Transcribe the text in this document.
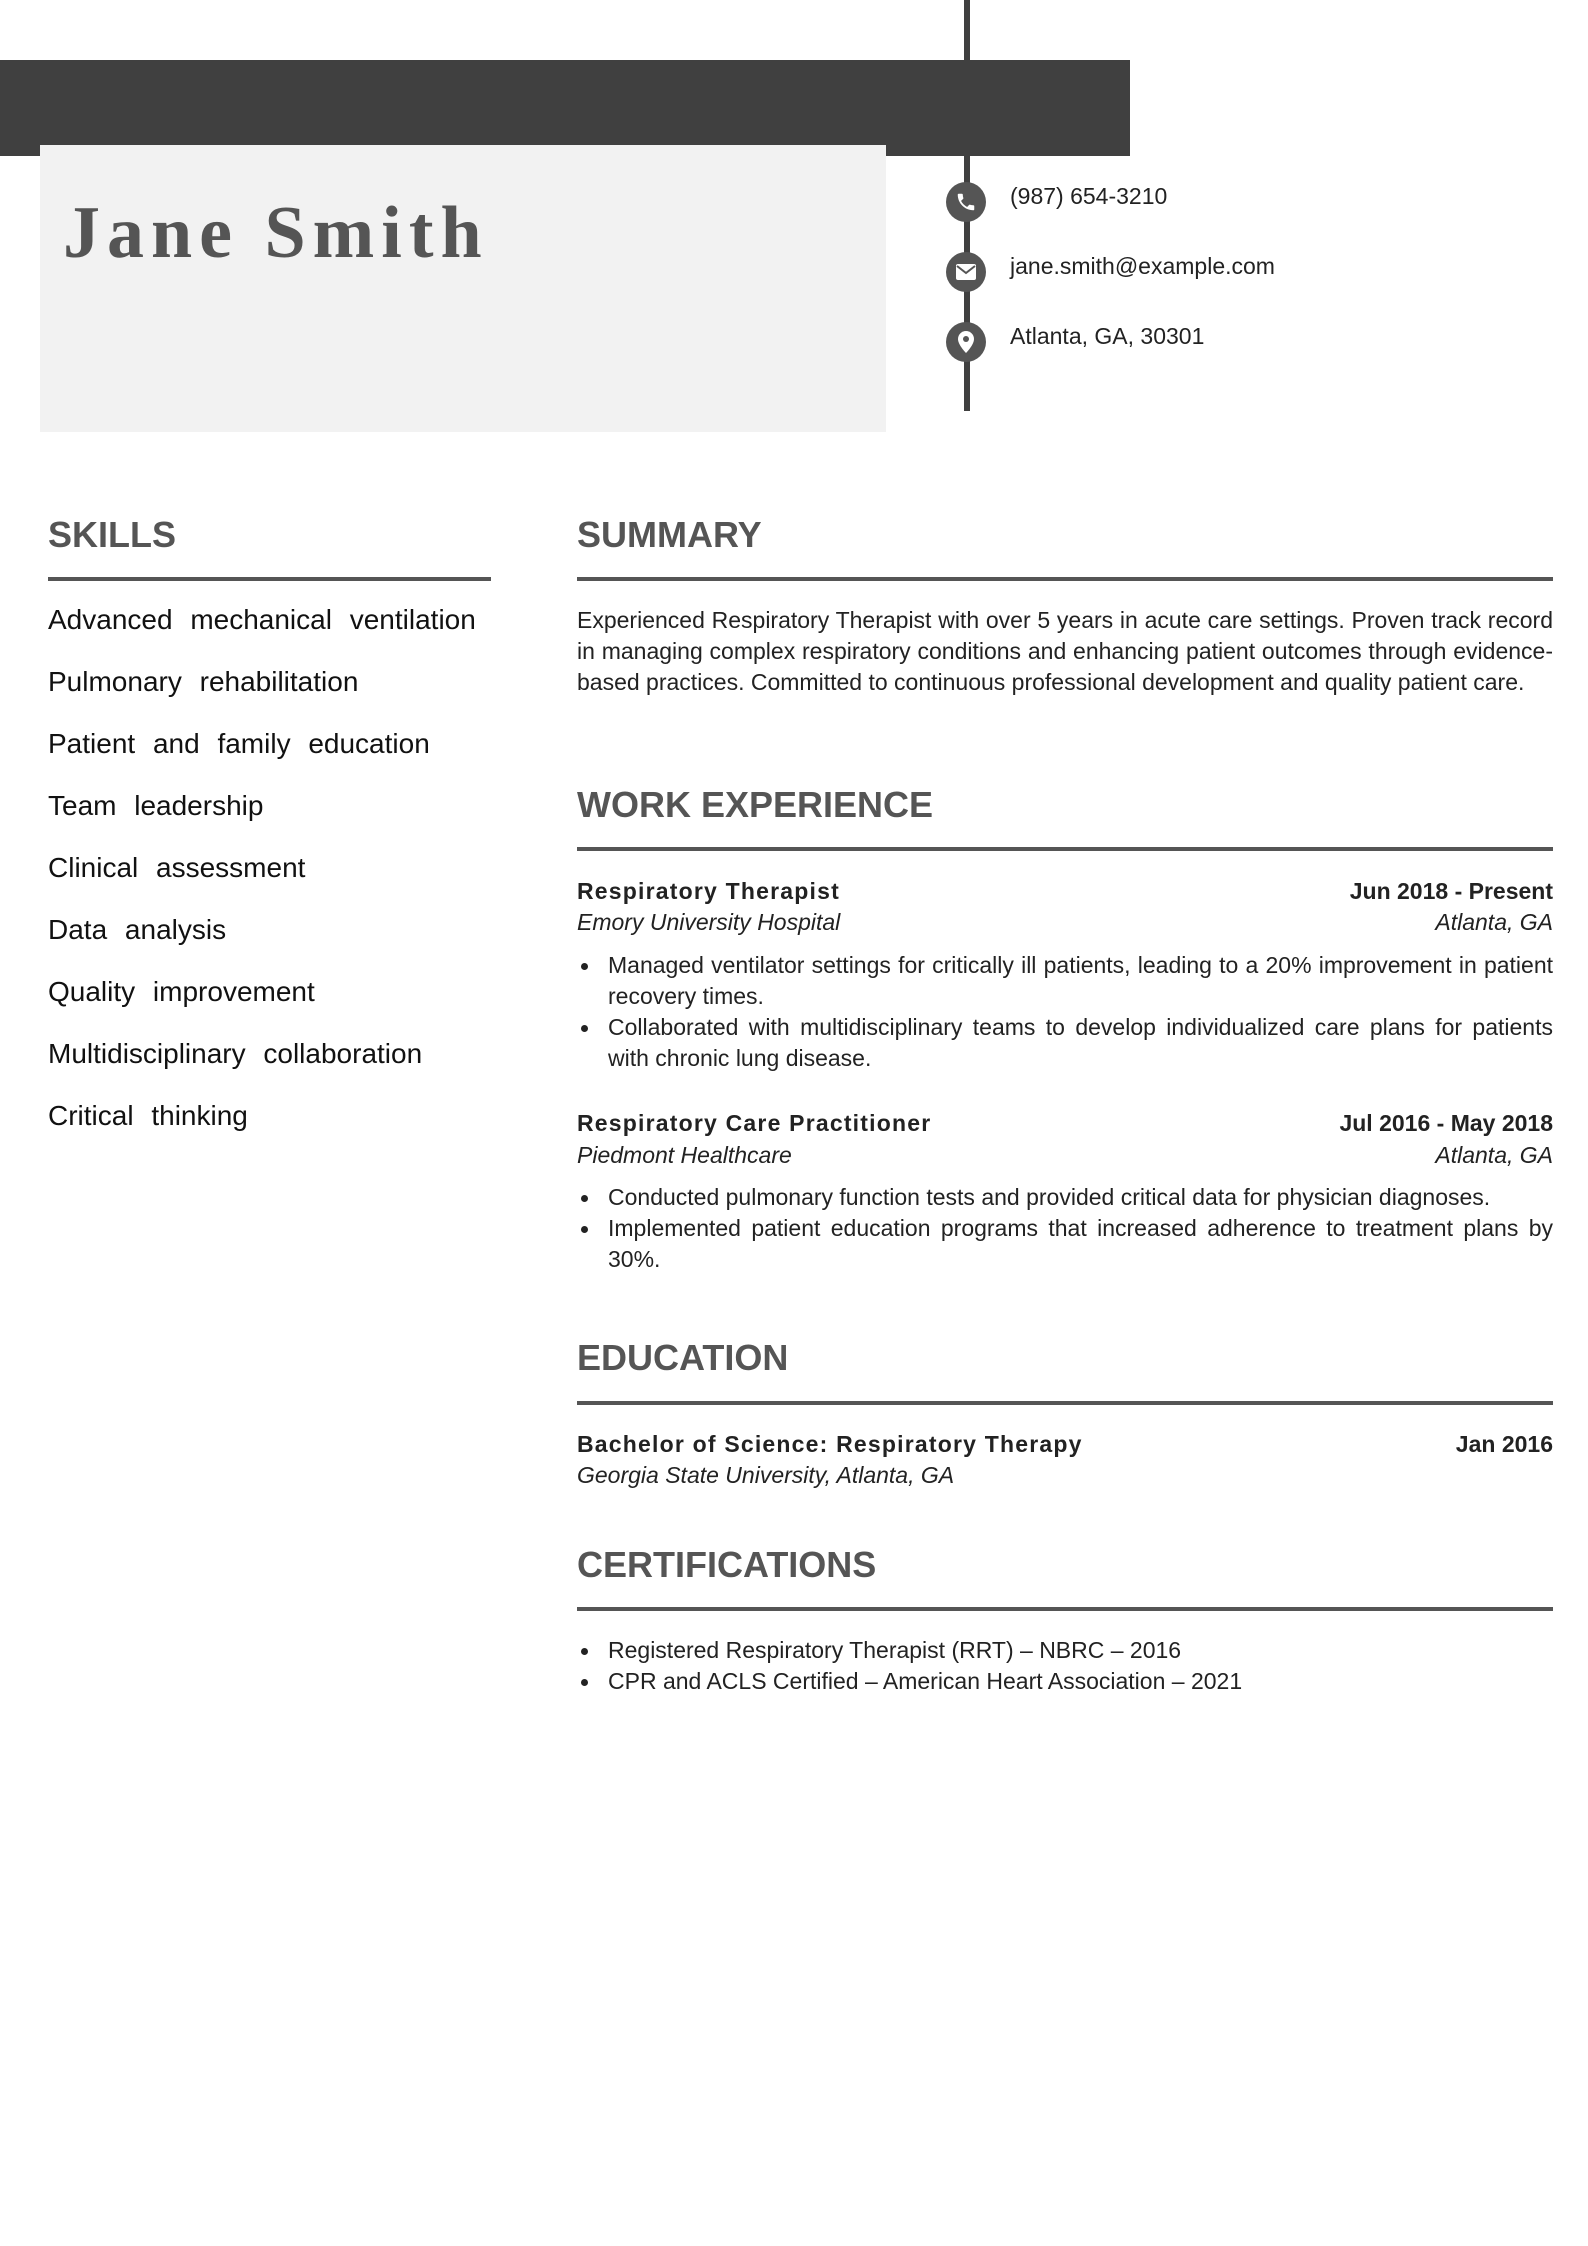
Jane Smith	(987) 654-3210
jane.smith@example.com
Atlanta, GA, 30301
SKILLS
Advanced mechanical ventilation
Pulmonary rehabilitation
Patient and family education
Team leadership
Clinical assessment
Data analysis
Quality improvement
Multidisciplinary collaboration
Critical thinking
SUMMARY

Experienced Respiratory Therapist with over 5 years in acute care settings. Proven track record in managing complex respiratory conditions and enhancing patient outcomes through evidence-based practices. Committed to continuous professional development and quality patient care.

WORK EXPERIENCE
Respiratory Therapist	Jun 2018 - Present
Emory University Hospital	Atlanta, GA
Managed ventilator settings for critically ill patients, leading to a 20% improvement in patient recovery times.
Collaborated with multidisciplinary teams to develop individualized care plans for patients with chronic lung disease.
Respiratory Care Practitioner	Jul 2016 - May 2018
Piedmont Healthcare	Atlanta, GA
Conducted pulmonary function tests and provided critical data for physician diagnoses.
Implemented patient education programs that increased adherence to treatment plans by 30%.
EDUCATION
Bachelor of Science: Respiratory Therapy	Jan 2016
Georgia State University, Atlanta, GA
CERTIFICATIONS
Registered Respiratory Therapist (RRT) – NBRC – 2016
CPR and ACLS Certified – American Heart Association – 2021
